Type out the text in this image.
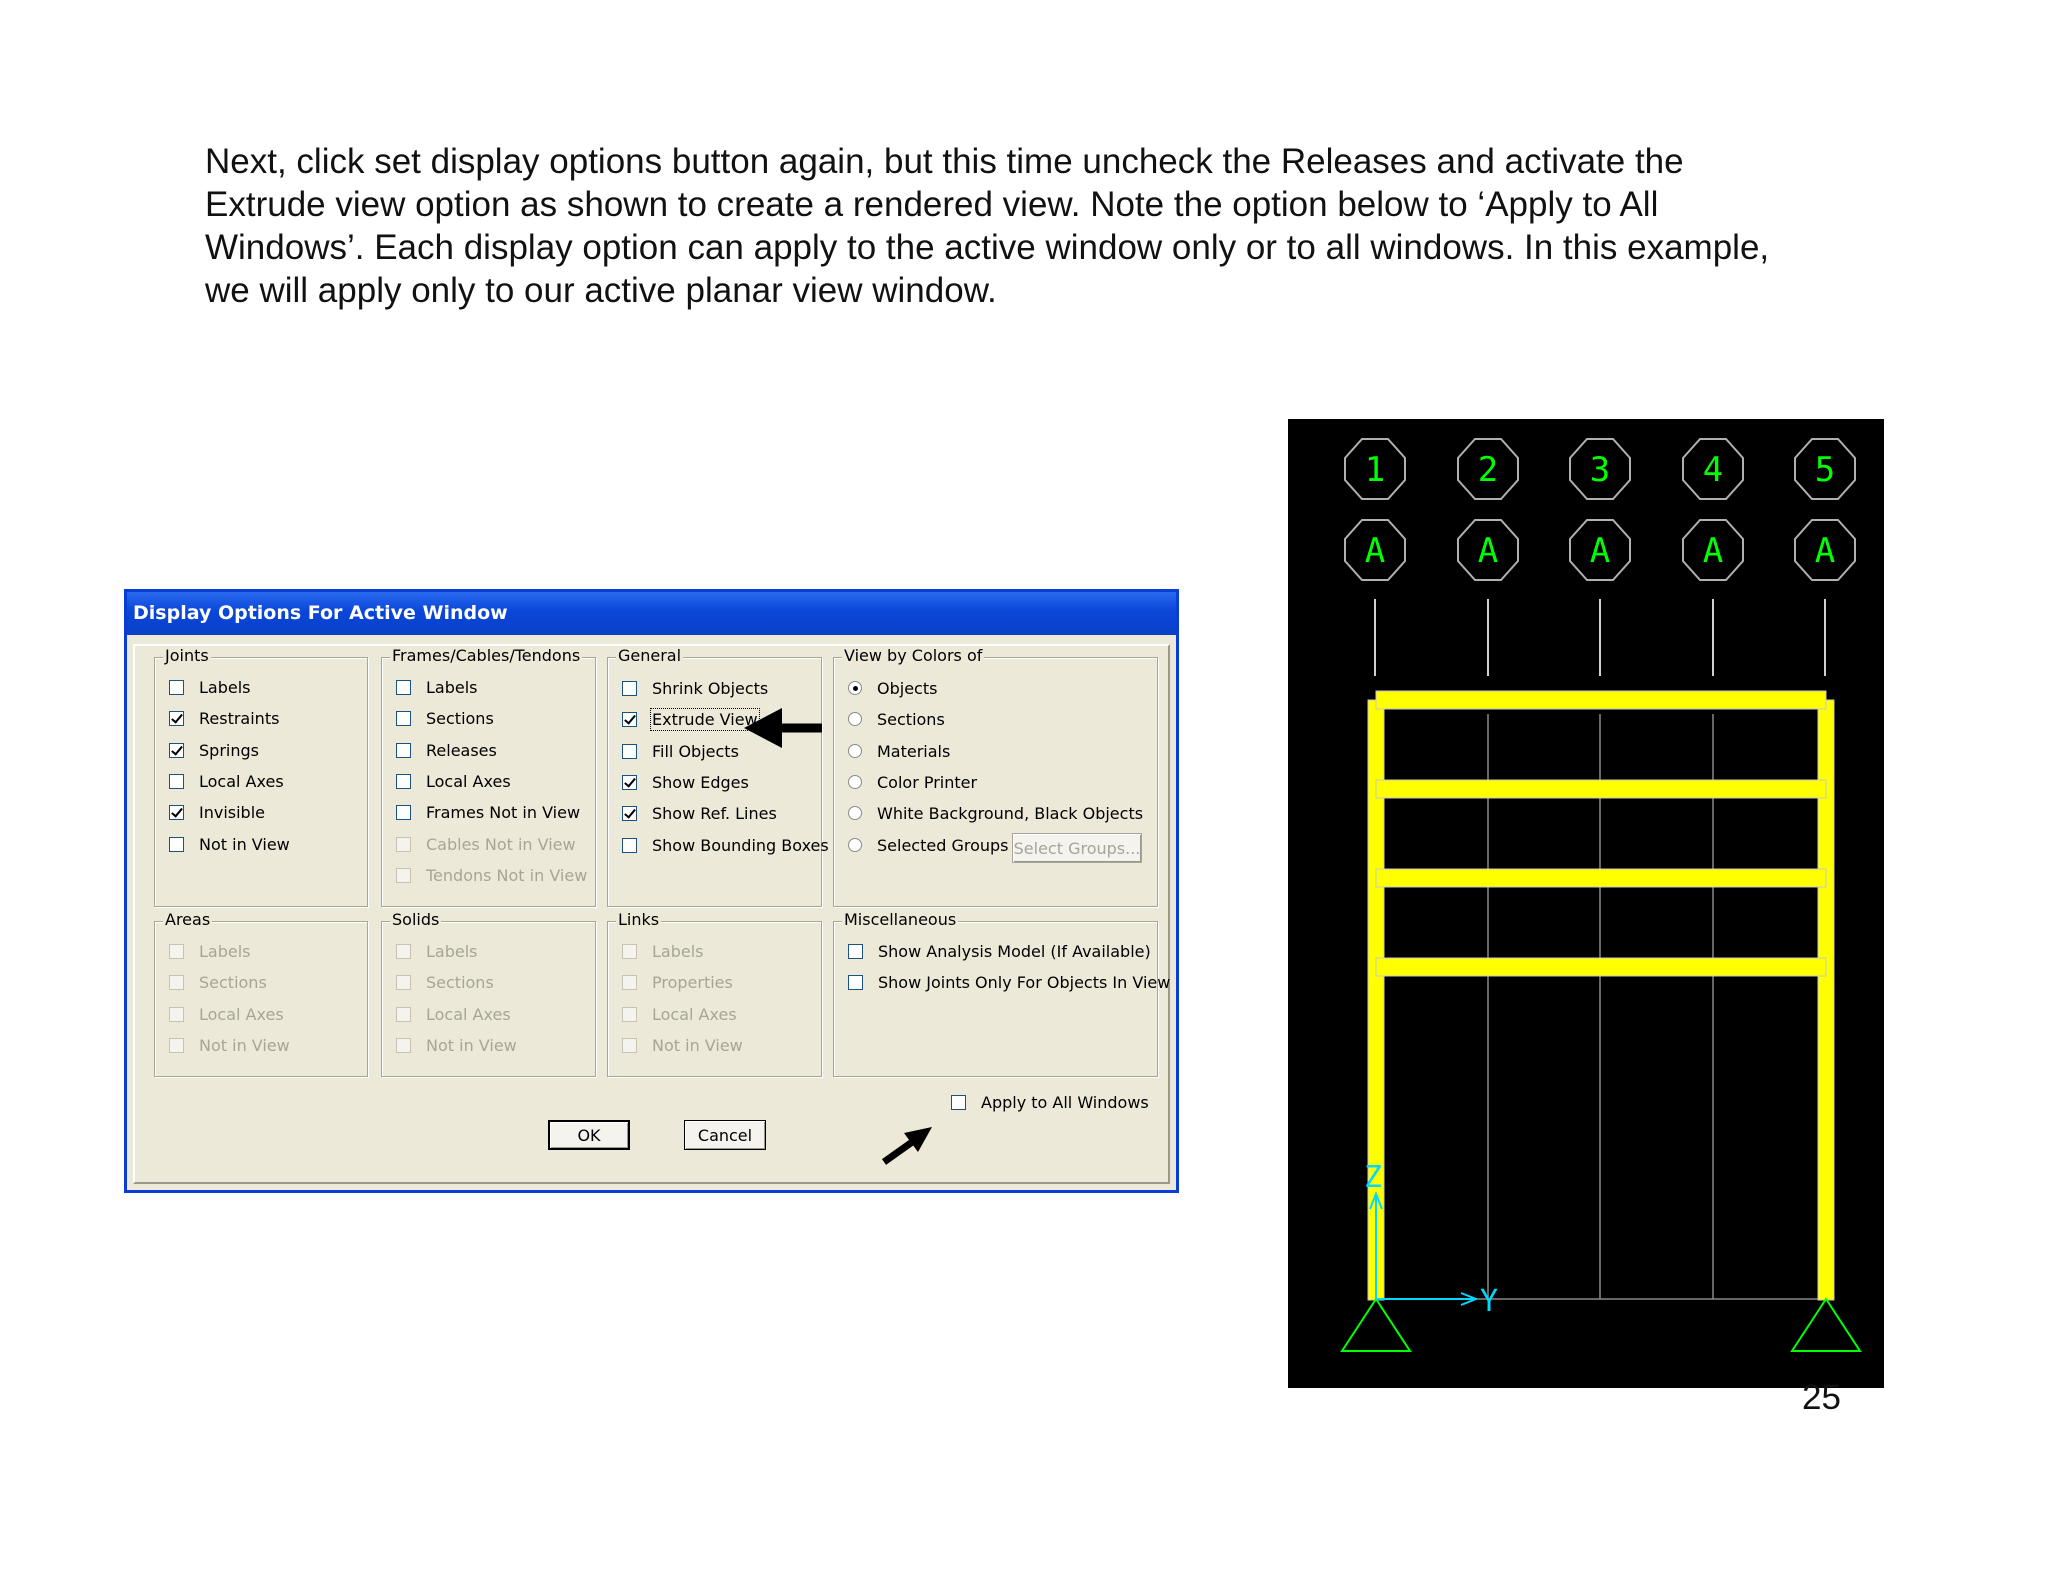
Next, click set display options button again, but this time uncheck the Releases and activate the

Extrude view option as shown to create a rendered view. Note the option below to ‘Apply to All

Windows’. Each display option can apply to the active window only or to all windows. In this example,

we will apply only to our active planar view window.

Display Options For Active Window
Joints
Labels
Restraints
Springs
Local Axes
Invisible
Not in View
Frames/Cables/Tendons
Labels
Sections
Releases
Local Axes
Frames Not in View
Cables Not in View
Tendons Not in View
General
Shrink Objects
Extrude View
Fill Objects
Show Edges
Show Ref. Lines
Show Bounding Boxes
View by Colors of
Objects
Sections
Materials
Color Printer
White Background, Black Objects
Selected Groups Select Groups...
Areas
Labels
Sections
Local Axes
Not in View
Solids
Labels
Sections
Local Axes
Not in View
Links
Labels
Properties
Local Axes
Not in View
Miscellaneous
Show Analysis Model (If Available)
Show Joints Only For Objects In View
Apply to All Windows
OK	Cancel
1	2	3	4	5
A	A	A	A	A
Z
Y
25
